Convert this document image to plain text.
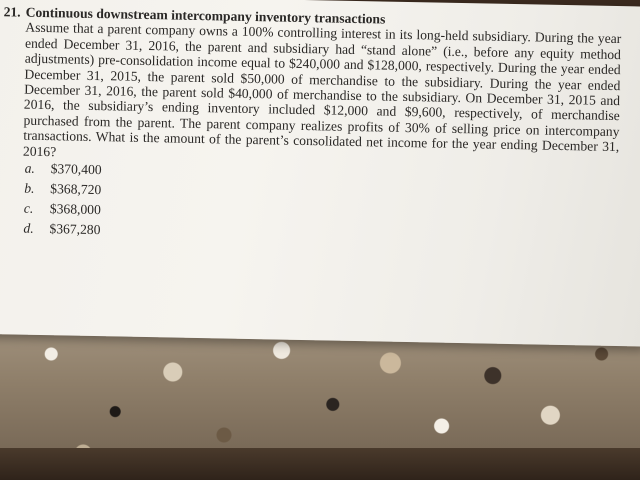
21. Continuous downstream intercompany inventory transactions
Assume that a parent company owns a 100% controlling interest in its long-held subsidiary. During the year ended December 31, 2016, the parent and subsidiary had “stand alone” (i.e., before any equity method adjustments) pre-consolidation income equal to $240,000 and $128,000, respectively. During the year ended December 31, 2015, the parent sold $50,000 of merchandise to the subsidiary. During the year ended December 31, 2016, the parent sold $40,000 of merchandise to the subsidiary. On December 31, 2015 and 2016, the subsidiary’s ending inventory included $12,000 and $9,600, respectively, of merchandise purchased from the parent. The parent company realizes profits of 30% of selling price on intercompany transactions. What is the amount of the parent’s consolidated net income for the year ending December 31, 2016?
a.	$370,400
b.	$368,720
c.	$368,000
d.	$367,280
